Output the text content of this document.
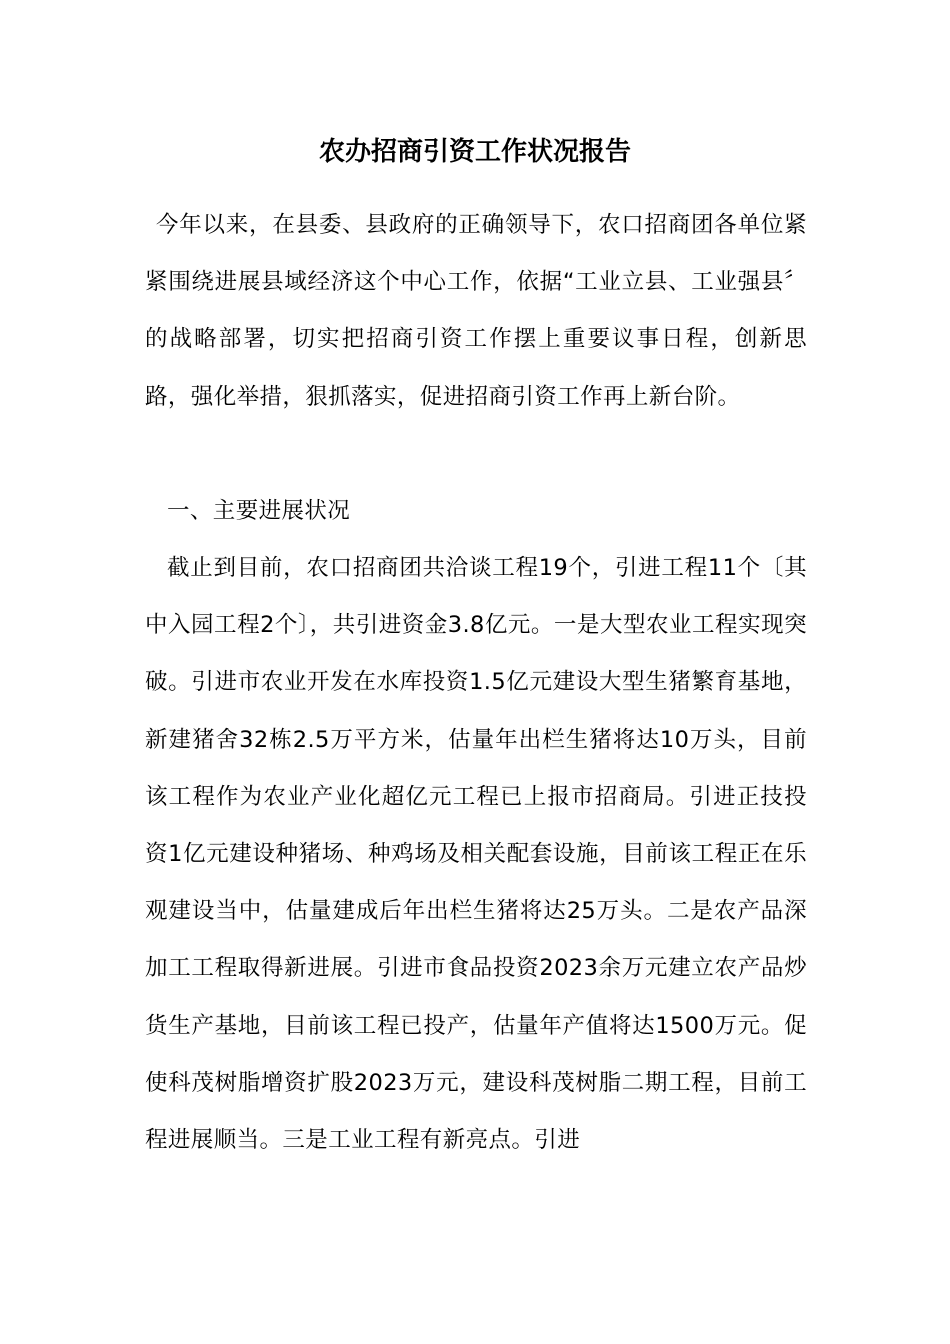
农办招商引资工作状况报告

今年以来，在县委、县政府的正确领导下，农口招商团各单位紧紧围绕进展县域经济这个中心工作，依据“工业立县、工业强县〞的战略部署，切实把招商引资工作摆上重要议事日程，创新思路，强化举措，狠抓落实，促进招商引资工作再上新台阶。

一、主要进展状况

截止到目前，农口招商团共洽谈工程19个，引进工程11个〔其中入园工程2个〕，共引进资金3.8亿元。一是大型农业工程实现突破。引进市农业开发在水库投资1.5亿元建设大型生猪繁育基地，新建猪舍32栋2.5万平方米，估量年出栏生猪将达10万头，目前该工程作为农业产业化超亿元工程已上报市招商局。引进正技投资1亿元建设种猪场、种鸡场及相关配套设施，目前该工程正在乐观建设当中，估量建成后年出栏生猪将达25万头。二是农产品深加工工程取得新进展。引进市食品投资2023余万元建立农产品炒货生产基地，目前该工程已投产，估量年产值将达1500万元。促使科茂树脂增资扩股2023万元，建设科茂树脂二期工程，目前工程进展顺当。三是工业工程有新亮点。引进
